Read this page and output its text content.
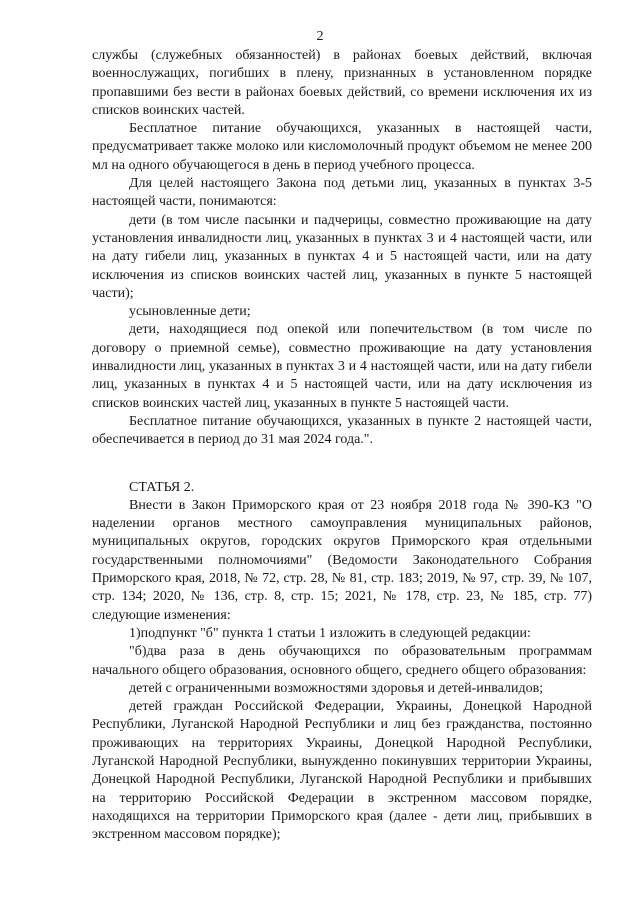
2

службы (служебных обязанностей) в районах боевых действий, включая военнослужащих, погибших в плену, признанных в установленном порядке пропавшими без вести в районах боевых действий, со времени исключения их из списков воинских частей.

Бесплатное питание обучающихся, указанных в настоящей части, предусматривает также молоко или кисломолочный продукт объемом не менее 200 мл на одного обучающегося в день в период учебного процесса.

Для целей настоящего Закона под детьми лиц, указанных в пунктах 3-5 настоящей части, понимаются:

дети (в том числе пасынки и падчерицы, совместно проживающие на дату установления инвалидности лиц, указанных в пунктах 3 и 4 настоящей части, или на дату гибели лиц, указанных в пунктах 4 и 5 настоящей части, или на дату исключения из списков воинских частей лиц, указанных в пункте 5 настоящей части);

усыновленные дети;

дети, находящиеся под опекой или попечительством (в том числе по договору о приемной семье), совместно проживающие на дату установления инвалидности лиц, указанных в пунктах 3 и 4 настоящей части, или на дату гибели лиц, указанных в пунктах 4 и 5 настоящей части, или на дату исключения из списков воинских частей лиц, указанных в пункте 5 настоящей части.

Бесплатное питание обучающихся, указанных в пункте 2 настоящей части, обеспечивается в период до 31 мая 2024 года.".

СТАТЬЯ 2.

Внести в Закон Приморского края от 23 ноября 2018 года № 390-КЗ "О наделении органов местного самоуправления муниципальных районов, муниципальных округов, городских округов Приморского края отдельными государственными полномочиями" (Ведомости Законодательного Собрания Приморского края, 2018, № 72, стр. 28, № 81, стр. 183; 2019, № 97, стр. 39, № 107, стр. 134; 2020, № 136, стр. 8, стр. 15; 2021, № 178, стр. 23, № 185, стр. 77) следующие изменения:

1)подпункт "б" пункта 1 статьи 1 изложить в следующей редакции:

"б)два раза в день обучающихся по образовательным программам начального общего образования, основного общего, среднего общего образования:

детей с ограниченными возможностями здоровья и детей-инвалидов;

детей граждан Российской Федерации, Украины, Донецкой Народной Республики, Луганской Народной Республики и лиц без гражданства, постоянно проживающих на территориях Украины, Донецкой Народной Республики, Луганской Народной Республики, вынужденно покинувших территории Украины, Донецкой Народной Республики, Луганской Народной Республики и прибывших на территорию Российской Федерации в экстренном массовом порядке, находящихся на территории Приморского края (далее - дети лиц, прибывших в экстренном массовом порядке);
